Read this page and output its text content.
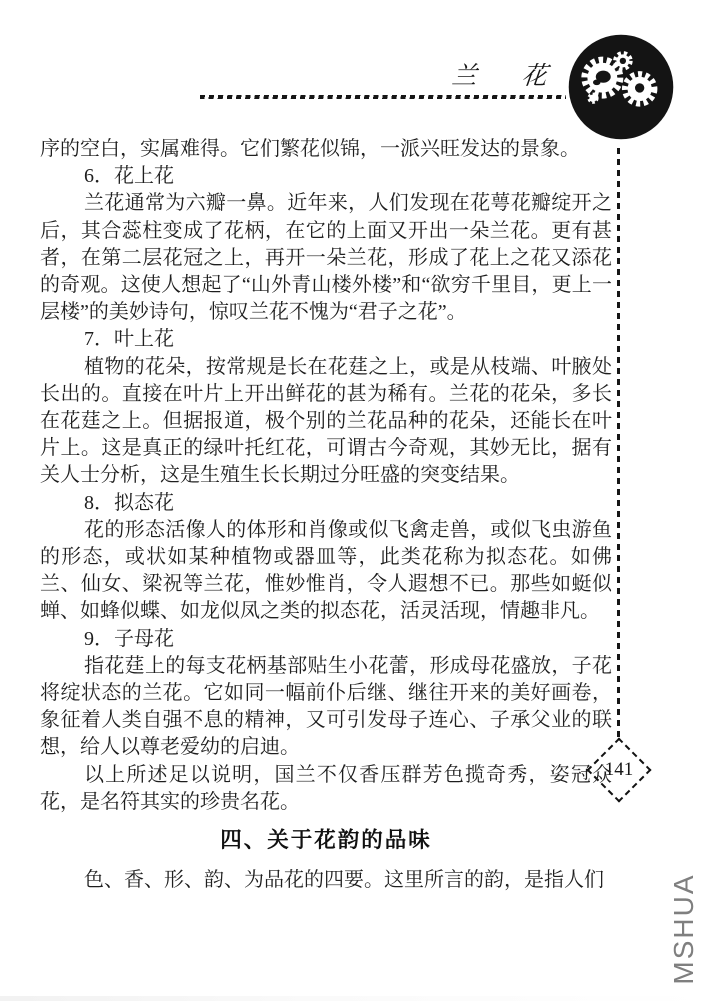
兰　花
141

序的空白，实属难得。它们繁花似锦，一派兴旺发达的景象。

6．花上花

兰花通常为六瓣一鼻。近年来，人们发现在花萼花瓣绽开之后，其合蕊柱变成了花柄，在它的上面又开出一朵兰花。更有甚者，在第二层花冠之上，再开一朵兰花，形成了花上之花又添花的奇观。这使人想起了“山外青山楼外楼”和“欲穷千里目，更上一层楼”的美妙诗句，惊叹兰花不愧为“君子之花”。

7．叶上花

植物的花朵，按常规是长在花莛之上，或是从枝端、叶腋处长出的。直接在叶片上开出鲜花的甚为稀有。兰花的花朵，多长在花莛之上。但据报道，极个别的兰花品种的花朵，还能长在叶片上。这是真正的绿叶托红花，可谓古今奇观，其妙无比，据有关人士分析，这是生殖生长长期过分旺盛的突变结果。

8．拟态花

花的形态活像人的体形和肖像或似飞禽走兽，或似飞虫游鱼的形态，或状如某种植物或器皿等，此类花称为拟态花。如佛兰、仙女、梁祝等兰花，惟妙惟肖，令人遐想不已。那些如蜓似蝉、如蜂似蝶、如龙似凤之类的拟态花，活灵活现，情趣非凡。

9．子母花

指花莛上的每支花柄基部贴生小花蕾，形成母花盛放，子花将绽状态的兰花。它如同一幅前仆后继、继往开来的美好画卷，象征着人类自强不息的精神，又可引发母子连心、子承父业的联想，给人以尊老爱幼的启迪。

以上所述足以说明，国兰不仅香压群芳色揽奇秀，姿冠众花，是名符其实的珍贵名花。

四、关于花韵的品味

色、香、形、韵、为品花的四要。这里所言的韵，是指人们 MSHUA
